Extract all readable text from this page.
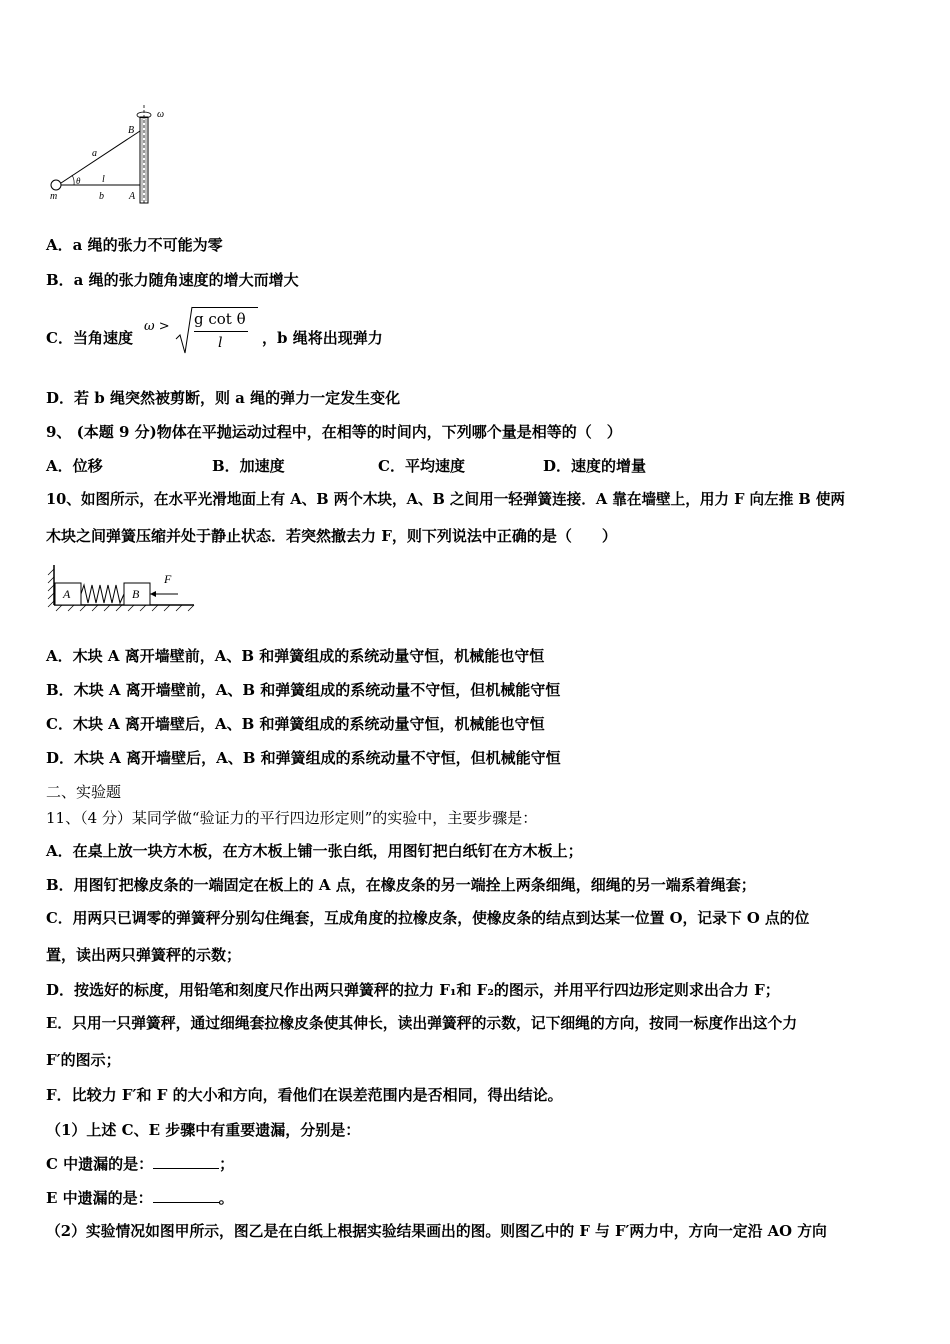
B
ω
a
θ l
m	b	A
A．a 绳的张力不可能为零
B．a 绳的张力随角速度的增大而增大
C．当角速度
ω > g cot θ
l	，b 绳将出现弹力
D．若 b 绳突然被剪断，则 a 绳的弹力一定发生变化
9、 (本题 9 分)物体在平抛运动过程中，在相等的时间内，下列哪个量是相等的（　）
A．位移	B．加速度	C．平均速度	D．速度的增量
10、如图所示，在水平光滑地面上有 A、B 两个木块，A、B 之间用一轻弹簧连接．A 靠在墙壁上，用力 F 向左推 B 使两
木块之间弹簧压缩并处于静止状态．若突然撤去力 F，则下列说法中正确的是（　　）
A	B
F
A．木块 A 离开墙壁前，A、B 和弹簧组成的系统动量守恒，机械能也守恒
B．木块 A 离开墙壁前，A、B 和弹簧组成的系统动量不守恒，但机械能守恒
C．木块 A 离开墙壁后，A、B 和弹簧组成的系统动量守恒，机械能也守恒
D．木块 A 离开墙壁后，A、B 和弹簧组成的系统动量不守恒，但机械能守恒
二、实验题
11、（4 分）某同学做“验证力的平行四边形定则”的实验中，主要步骤是：
A．在桌上放一块方木板，在方木板上铺一张白纸，用图钉把白纸钉在方木板上；
B．用图钉把橡皮条的一端固定在板上的 A 点，在橡皮条的另一端拴上两条细绳，细绳的另一端系着绳套；
C．用两只已调零的弹簧秤分别勾住绳套，互成角度的拉橡皮条，使橡皮条的结点到达某一位置 O，记录下 O 点的位
置，读出两只弹簧秤的示数；
D．按选好的标度，用铅笔和刻度尺作出两只弹簧秤的拉力 F₁和 F₂的图示，并用平行四边形定则求出合力 F；
E．只用一只弹簧秤，通过细绳套拉橡皮条使其伸长，读出弹簧秤的示数，记下细绳的方向，按同一标度作出这个力
F′的图示；
F．比较力 F′和 F 的大小和方向，看他们在误差范围内是否相同，得出结论。
（1）上述 C、E 步骤中有重要遗漏，分别是：
C 中遗漏的是：	；
E 中遗漏的是：	。
（2）实验情况如图甲所示，图乙是在白纸上根据实验结果画出的图。则图乙中的 F 与 F′两力中，方向一定沿 AO 方向
